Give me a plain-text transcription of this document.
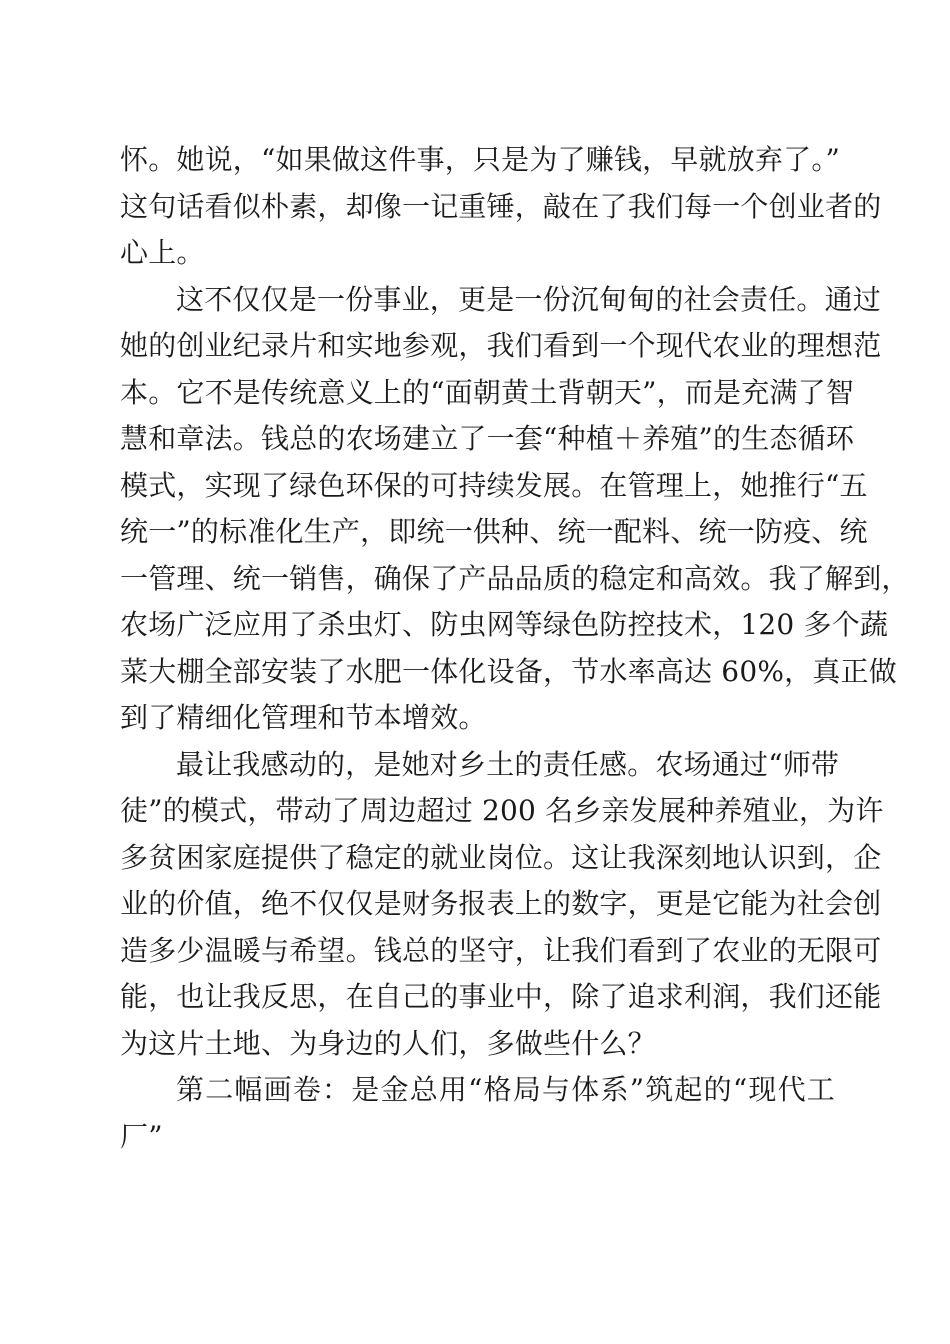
怀。她说，“如果做这件事，只是为了赚钱，早就放弃了。”
这句话看似朴素，却像一记重锤，敲在了我们每一个创业者的
心上。
这不仅仅是一份事业，更是一份沉甸甸的社会责任。通过
她的创业纪录片和实地参观，我们看到一个现代农业的理想范
本。它不是传统意义上的“面朝黄土背朝天”，而是充满了智
慧和章法。钱总的农场建立了一套“种植＋养殖”的生态循环
模式，实现了绿色环保的可持续发展。在管理上，她推行“五
统一”的标准化生产，即统一供种、统一配料、统一防疫、统
一管理、统一销售，确保了产品品质的稳定和高效。我了解到，
农场广泛应用了杀虫灯、防虫网等绿色防控技术，120 多个蔬
菜大棚全部安装了水肥一体化设备，节水率高达 60%，真正做
到了精细化管理和节本增效。
最让我感动的，是她对乡土的责任感。农场通过“师带
徒”的模式，带动了周边超过 200 名乡亲发展种养殖业，为许
多贫困家庭提供了稳定的就业岗位。这让我深刻地认识到，企
业的价值，绝不仅仅是财务报表上的数字，更是它能为社会创
造多少温暖与希望。钱总的坚守，让我们看到了农业的无限可
能，也让我反思，在自己的事业中，除了追求利润，我们还能
为这片土地、为身边的人们，多做些什么？
第二幅画卷：是金总用“格局与体系”筑起的“现代工
厂”
